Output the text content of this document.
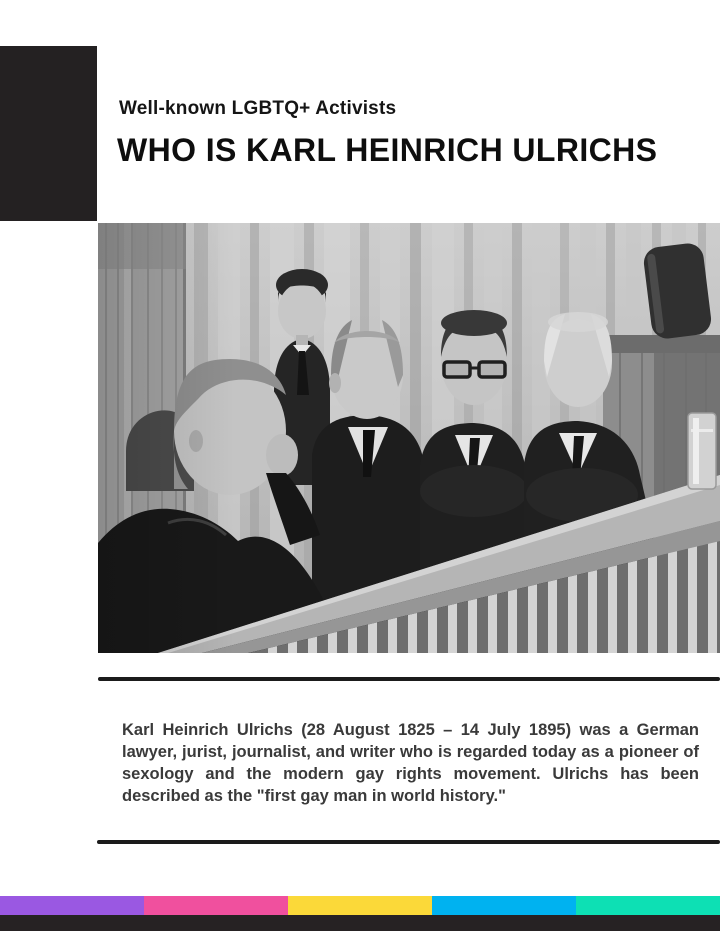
Well-known LGBTQ+ Activists
WHO IS KARL HEINRICH ULRICHS

Karl Heinrich Ulrichs (28 August 1825 – 14 July 1895) was a German lawyer, jurist, journalist, and writer who is regarded today as a pioneer of sexology and the modern gay rights movement. Ulrichs has been described as the "first gay man in world history."
